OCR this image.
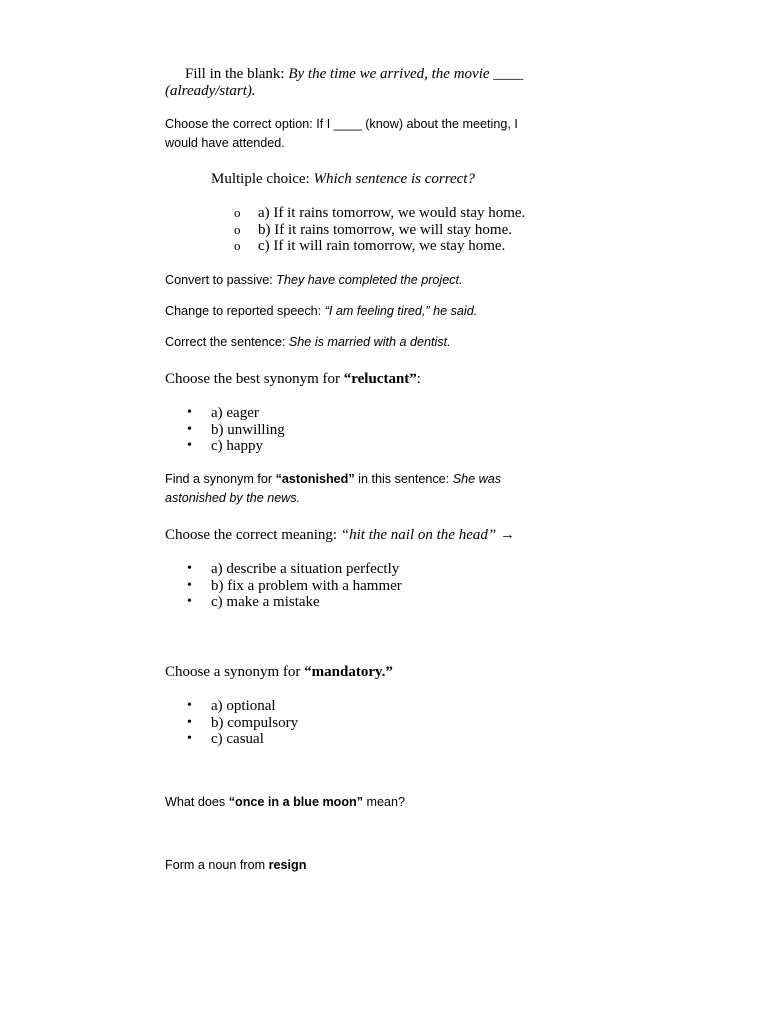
Fill in the blank: By the time we arrived, the movie ____ (already/start).
Choose the correct option: If I ____ (know) about the meeting, I would have attended.
Multiple choice: Which sentence is correct?
o a) If it rains tomorrow, we would stay home.
o b) If it rains tomorrow, we will stay home.
o c) If it will rain tomorrow, we stay home.
Convert to passive: They have completed the project.
Change to reported speech: “I am feeling tired,” he said.
Correct the sentence: She is married with a dentist.
Choose the best synonym for “reluctant”:
• a) eager
• b) unwilling
• c) happy
Find a synonym for “astonished” in this sentence: She was astonished by the news.
Choose the correct meaning: “hit the nail on the head” →
• a) describe a situation perfectly
• b) fix a problem with a hammer
• c) make a mistake
Choose a synonym for “mandatory.”
• a) optional
• b) compulsory
• c) casual
What does “once in a blue moon” mean?
Form a noun from resign
